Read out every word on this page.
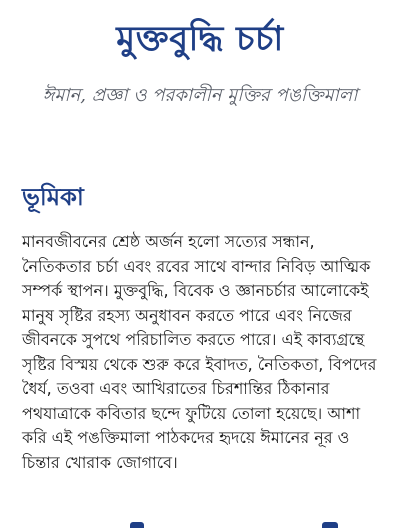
মুক্তবুদ্ধি চর্চা
ঈমান, প্রজ্ঞা ও পরকালীন মুক্তির পঙক্তিমালা
ভূমিকা

মানবজীবনের শ্রেষ্ঠ অর্জন হলো সত্যের সন্ধান, নৈতিকতার চর্চা এবং রবের সাথে বান্দার নিবিড় আত্মিক সম্পর্ক স্থাপন। মুক্তবুদ্ধি, বিবেক ও জ্ঞানচর্চার আলোকেই মানুষ সৃষ্টির রহস্য অনুধাবন করতে পারে এবং নিজের জীবনকে সুপথে পরিচালিত করতে পারে। এই কাব্যগ্রন্থে সৃষ্টির বিস্ময় থেকে শুরু করে ইবাদত, নৈতিকতা, বিপদের ধৈর্য, তওবা এবং আখিরাতের চিরশান্তির ঠিকানার পথযাত্রাকে কবিতার ছন্দে ফুটিয়ে তোলা হয়েছে। আশা করি এই পঙক্তিমালা পাঠকদের হৃদয়ে ঈমানের নূর ও চিন্তার খোরাক জোগাবে।
